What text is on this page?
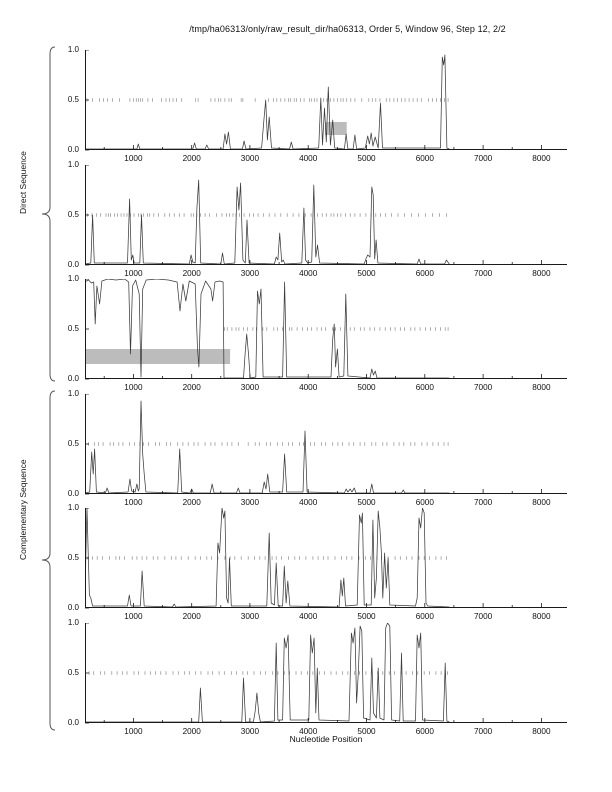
/tmp/ha06313/only/raw_result_dir/ha06313, Order 5, Window 96, Step 12, 2/2
Direct Sequence
Complementary Sequence
0.0
0.5
1.0
1000	2000	3000	4000	5000	6000	7000	8000
0.0
0.5
1.0
1000	2000	3000	4000	5000	6000	7000	8000
0.0
0.5
1.0
1000	2000	3000	4000	5000	6000	7000	8000
0.0
0.5
1.0
1000	2000	3000	4000	5000	6000	7000	8000
0.0
0.5
1.0
1000	2000	3000	4000	5000	6000	7000	8000
0.0
0.5
1.0
1000	2000	3000	4000	5000	6000	7000	8000
Nucleotide Position
